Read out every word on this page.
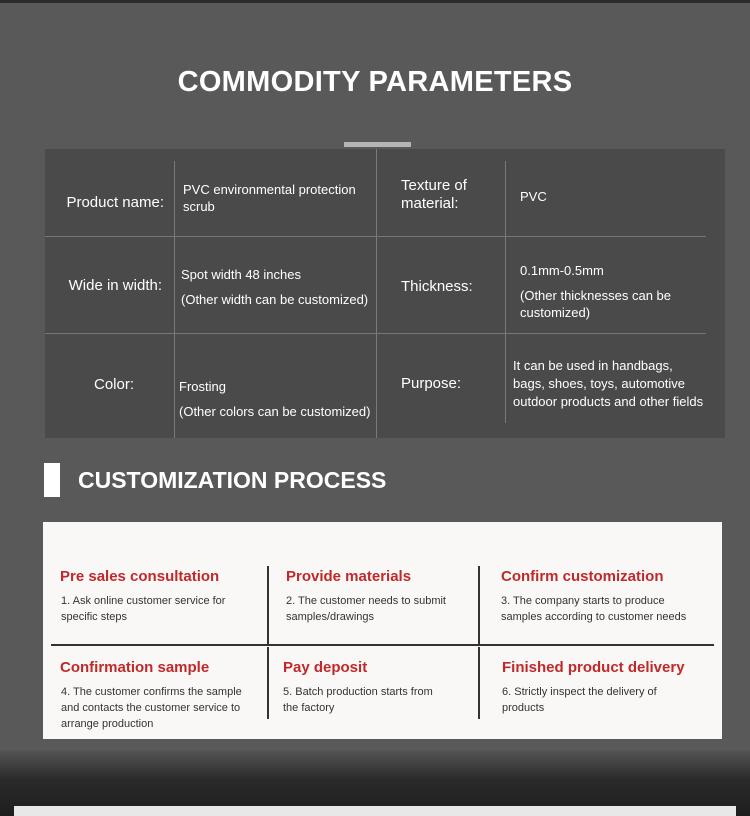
COMMODITY PARAMETERS
Product name:
PVC environmental protection
scrub
Texture of
material:	PVC
Wide in width:
Spot width 48 inches
(Other width can be customized)
Thickness:
0.1mm-0.5mm
(Other thicknesses can be
customized)
Color:	Frosting
(Other colors can be customized)
Purpose:
It can be used in handbags,
bags, shoes, toys, automotive
outdoor products and other fields
CUSTOMIZATION PROCESS
Pre sales consultation
1. Ask online customer service for
specific steps
Provide materials
2. The customer needs to submit
samples/drawings
Confirm customization
3. The company starts to produce
samples according to customer needs
Confirmation sample
4. The customer confirms the sample
and contacts the customer service to
arrange production
Pay deposit
5. Batch production starts from
the factory
Finished product delivery
6. Strictly inspect the delivery of
products
